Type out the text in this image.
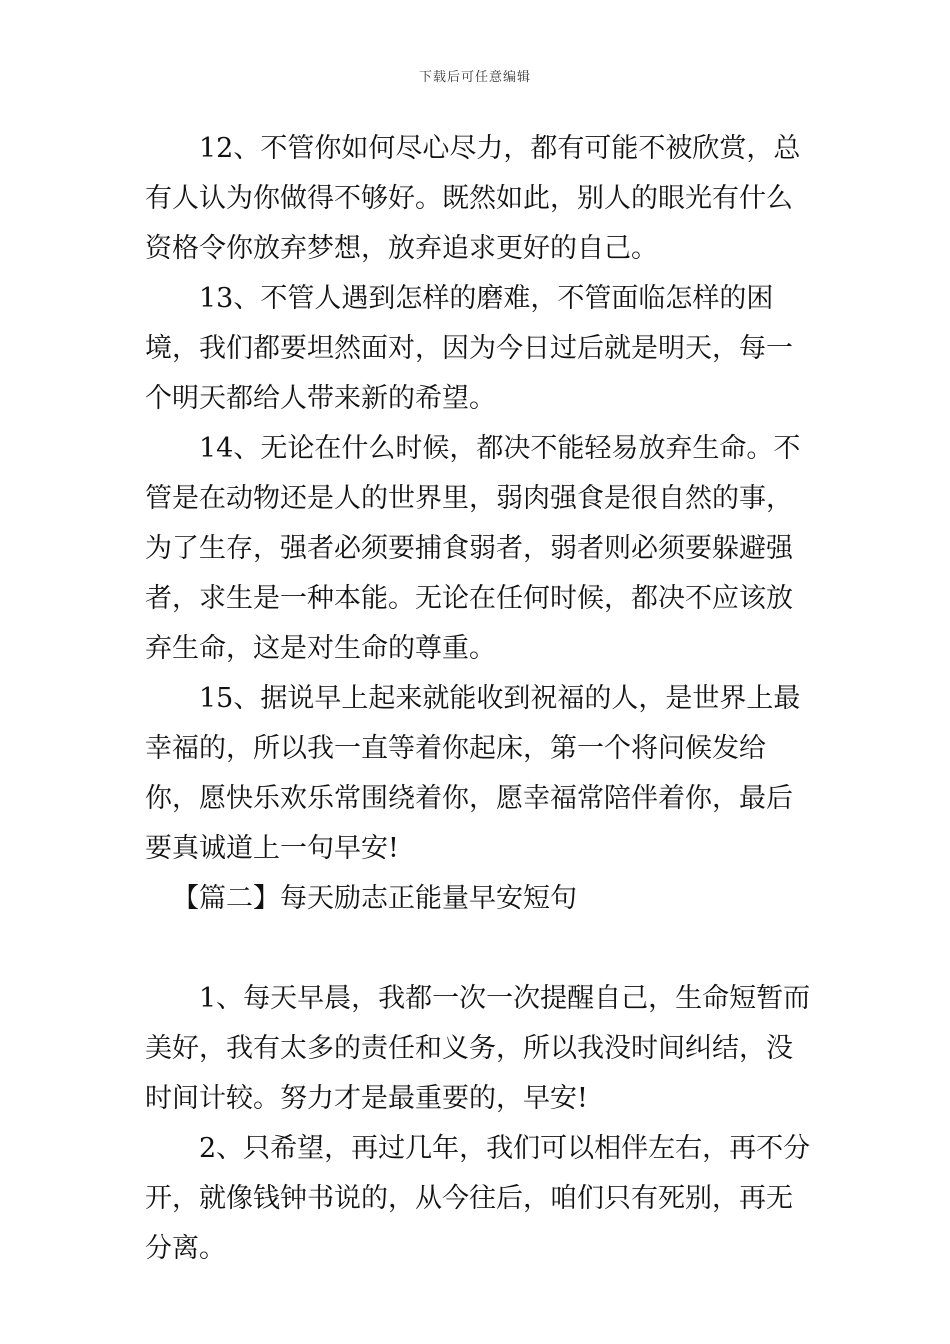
下载后可任意编辑

12、不管你如何尽心尽力，都有可能不被欣赏，总有人认为你做得不够好。既然如此，别人的眼光有什么资格令你放弃梦想，放弃追求更好的自己。

13、不管人遇到怎样的磨难，不管面临怎样的困境，我们都要坦然面对，因为今日过后就是明天，每一个明天都给人带来新的希望。

14、无论在什么时候，都决不能轻易放弃生命。不管是在动物还是人的世界里，弱肉强食是很自然的事，为了生存，强者必须要捕食弱者，弱者则必须要躲避强者，求生是一种本能。无论在任何时候，都决不应该放弃生命，这是对生命的尊重。

15、据说早上起来就能收到祝福的人，是世界上最幸福的，所以我一直等着你起床，第一个将问候发给你，愿快乐欢乐常围绕着你，愿幸福常陪伴着你，最后要真诚道上一句早安!

【篇二】每天励志正能量早安短句

1、每天早晨，我都一次一次提醒自己，生命短暂而美好，我有太多的责任和义务，所以我没时间纠结，没时间计较。努力才是最重要的，早安!

2、只希望，再过几年，我们可以相伴左右，再不分开，就像钱钟书说的，从今往后，咱们只有死别，再无分离。
